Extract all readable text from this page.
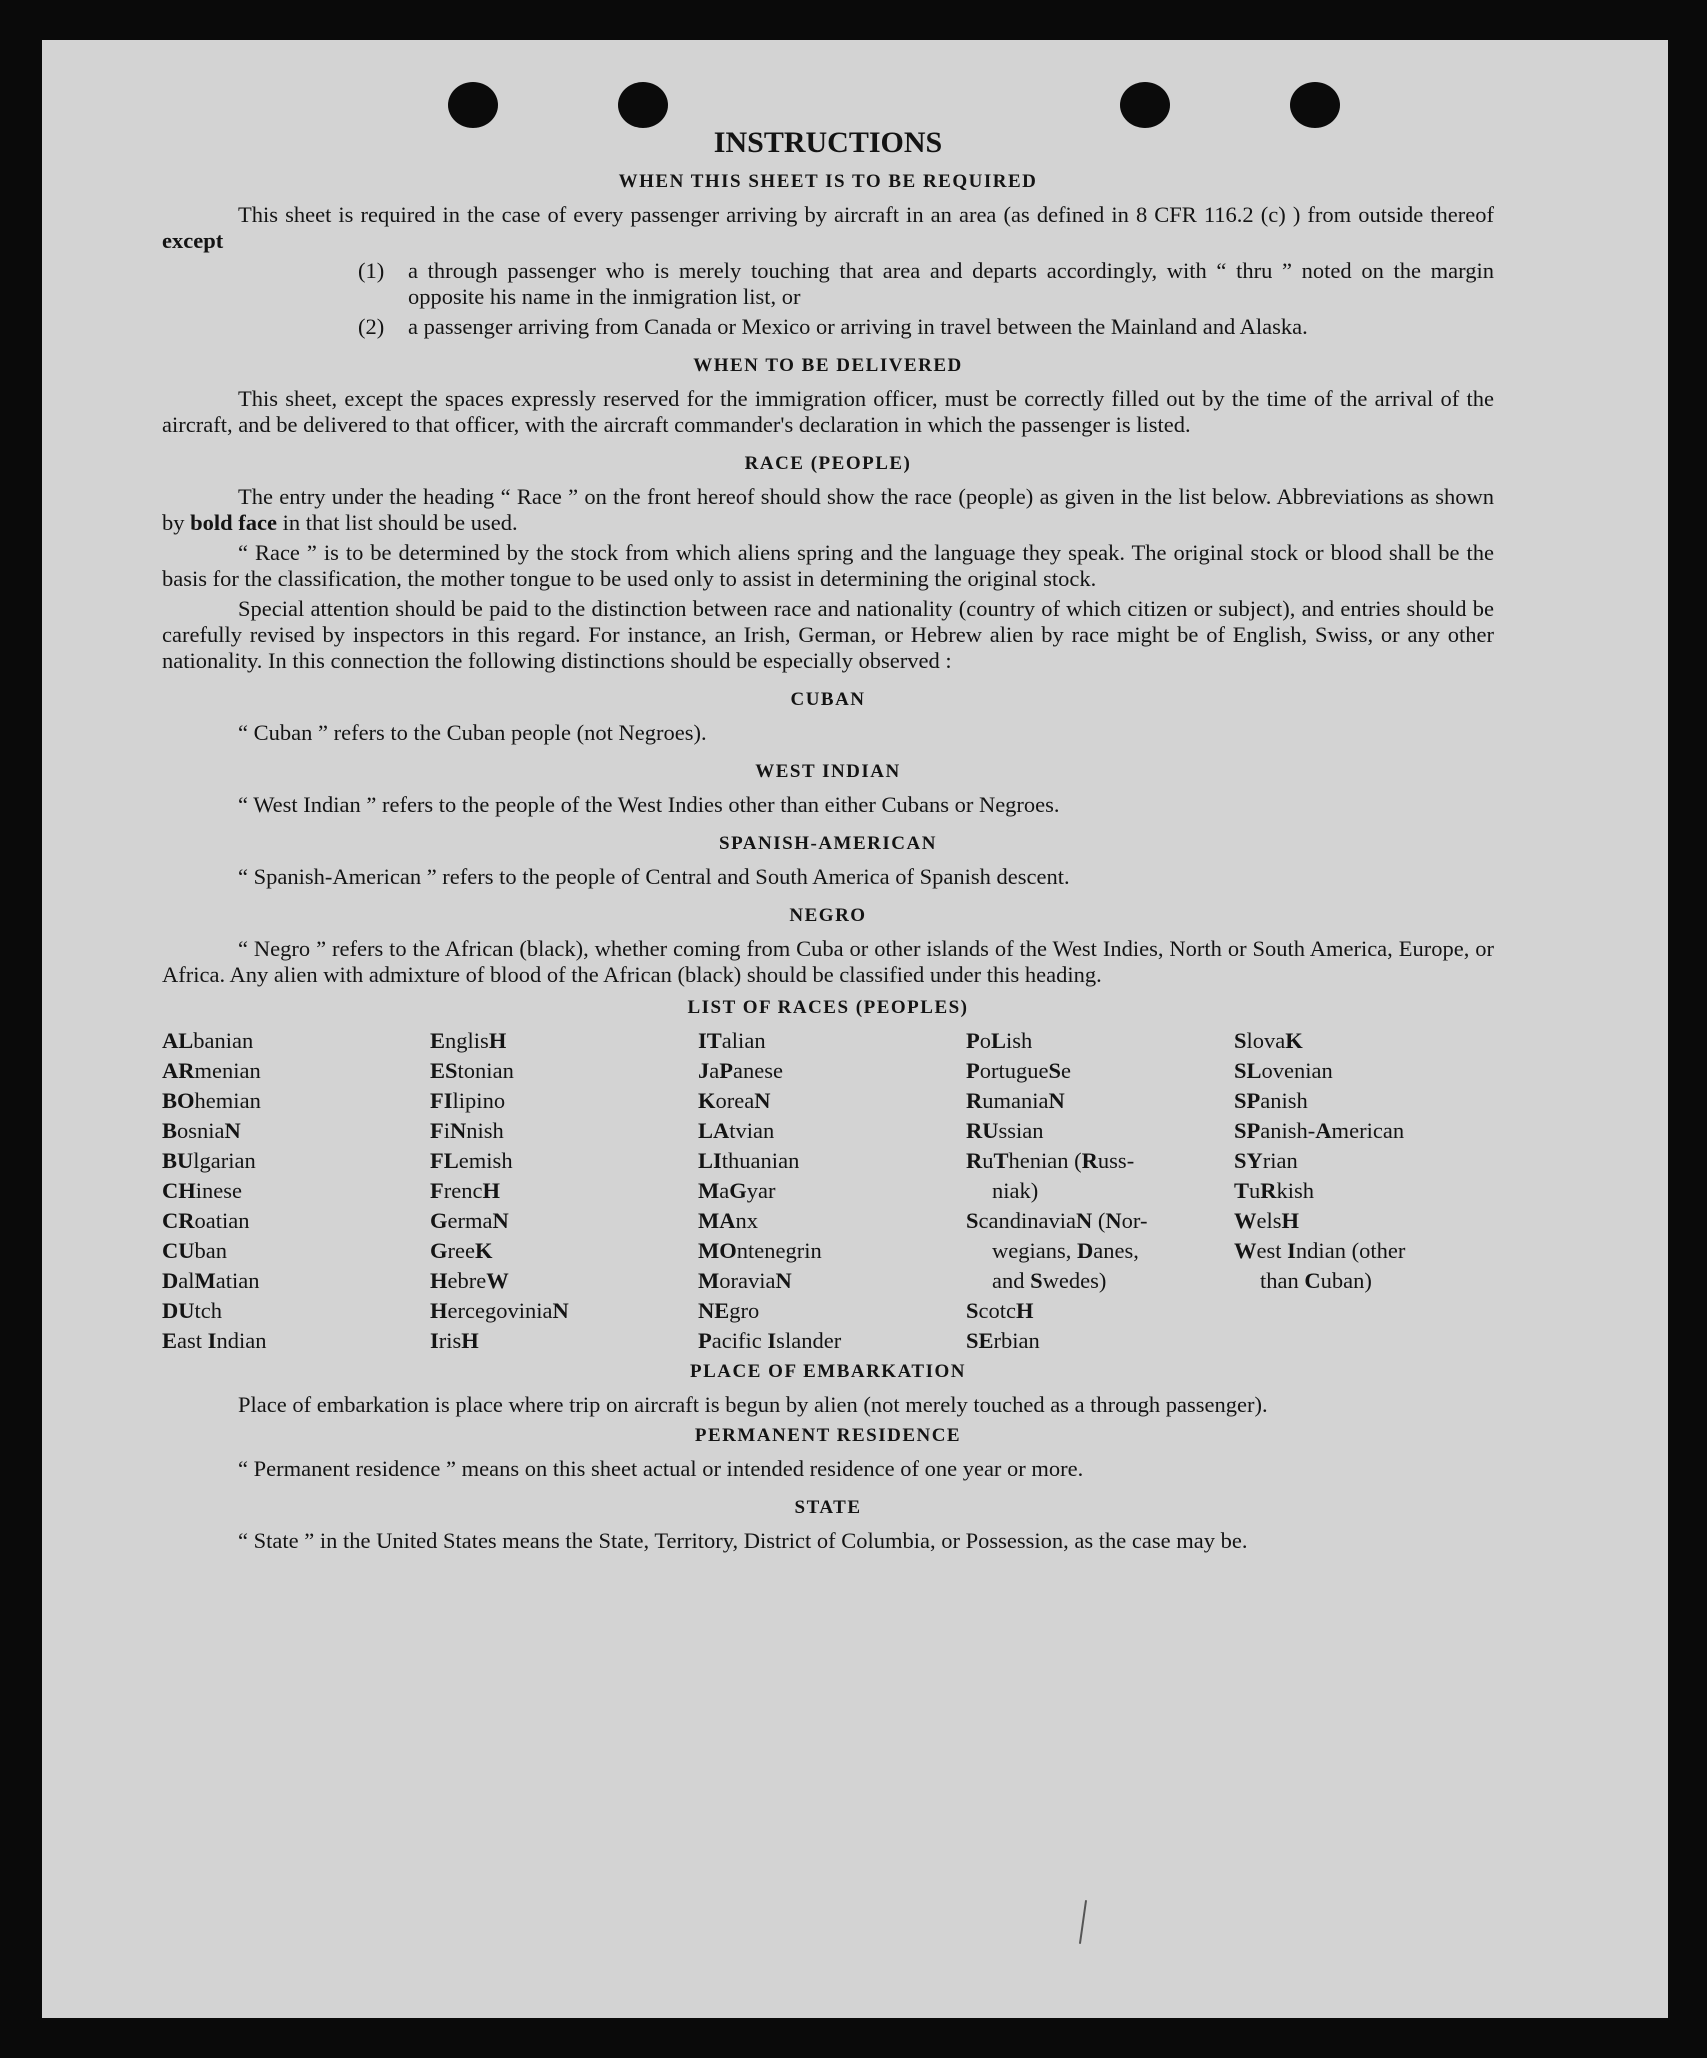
INSTRUCTIONS
WHEN THIS SHEET IS TO BE REQUIRED

This sheet is required in the case of every passenger arriving by aircraft in an area (as defined in 8 CFR 116.2 (c) ) from outside thereof except

(1)	a through passenger who is merely touching that area and departs accordingly, with “ thru ” noted on the margin opposite his name in the inmigration list, or
(2)	a passenger arriving from Canada or Mexico or arriving in travel between the Mainland and Alaska.
WHEN TO BE DELIVERED

This sheet, except the spaces expressly reserved for the immigration officer, must be correctly filled out by the time of the arrival of the aircraft, and be delivered to that officer, with the aircraft commander's declaration in which the passenger is listed.

RACE (PEOPLE)

The entry under the heading “ Race ” on the front hereof should show the race (people) as given in the list below. Abbreviations as shown by bold face in that list should be used.

“ Race ” is to be determined by the stock from which aliens spring and the language they speak. The original stock or blood shall be the basis for the classification, the mother tongue to be used only to assist in determining the original stock.

Special attention should be paid to the distinction between race and nationality (country of which citizen or subject), and entries should be carefully revised by inspectors in this regard. For instance, an Irish, German, or Hebrew alien by race might be of English, Swiss, or any other nationality. In this connection the following distinctions should be especially observed :

CUBAN

“ Cuban ” refers to the Cuban people (not Negroes).

WEST INDIAN

“ West Indian ” refers to the people of the West Indies other than either Cubans or Negroes.

SPANISH-AMERICAN

“ Spanish-American ” refers to the people of Central and South America of Spanish descent.

NEGRO

“ Negro ” refers to the African (black), whether coming from Cuba or other islands of the West Indies, North or South America, Europe, or Africa. Any alien with admixture of blood of the African (black) should be classified under this heading.

LIST OF RACES (PEOPLES)
ALbanian
ARmenian
BOhemian
BosniaN
BUlgarian
CHinese
CRoatian
CUban
DalMatian
DUtch
East Indian
EnglisH
EStonian
FIlipino
FiNnish
FLemish
FrencH
GermaN
GreeK
HebreW
HercegoviniaN
IrisH
ITalian
JaPanese
KoreaN
LAtvian
LIthuanian
MaGyar
MAnx
MOntenegrin
MoraviaN
NEgro
Pacific Islander
PoLish
PortugueSe
RumaniaN
RUssian
RuThenian (Russ-
niak)
ScandinaviaN (Nor-
wegians, Danes,
and Swedes)
ScotcH
SErbian
SlovaK
SLovenian
SPanish
SPanish-American
SYrian
TuRkish
WelsH
West Indian (other
than Cuban)
PLACE OF EMBARKATION

Place of embarkation is place where trip on aircraft is begun by alien (not merely touched as a through passenger).

PERMANENT RESIDENCE

“ Permanent residence ” means on this sheet actual or intended residence of one year or more.

STATE

“ State ” in the United States means the State, Territory, District of Columbia, or Possession, as the case may be.
